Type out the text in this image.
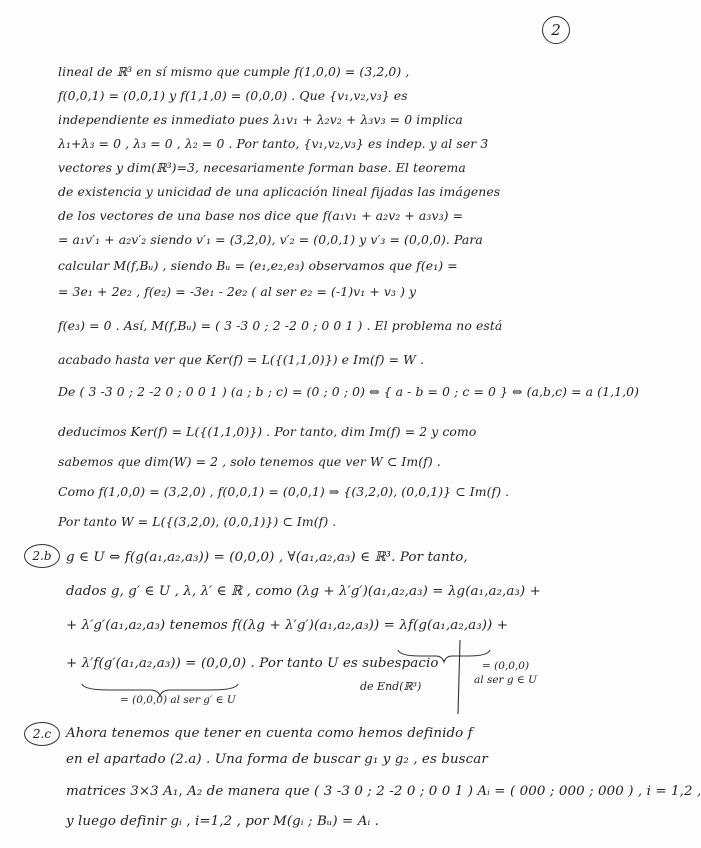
2
lineal de ℝ³ en sí mismo que cumple f(1,0,0) = (3,2,0) ,
f(0,0,1) = (0,0,1) y f(1,1,0) = (0,0,0) . Que {v₁,v₂,v₃} es
independiente es inmediato pues λ₁v₁ + λ₂v₂ + λ₃v₃ = 0 implica
λ₁+λ₃ = 0 , λ₃ = 0 , λ₂ = 0 . Por tanto, {v₁,v₂,v₃} es indep. y al ser 3
vectores y dim(ℝ³)=3, necesariamente forman base. El teorema
de existencia y unicidad de una aplicación lineal fijadas las imágenes
de los vectores de una base nos dice que f(a₁v₁ + a₂v₂ + a₃v₃) =
= a₁v′₁ + a₂v′₂ siendo v′₁ = (3,2,0), v′₂ = (0,0,1) y v′₃ = (0,0,0). Para
calcular M(f,Bᵤ) , siendo Bᵤ = (e₁,e₂,e₃) observamos que f(e₁) =
= 3e₁ + 2e₂ , f(e₂) = -3e₁ - 2e₂ ( al ser e₂ = (-1)v₁ + v₃ ) y
f(e₃) = 0 . Así, M(f,Bᵤ) = ( 3 -3 0 ; 2 -2 0 ; 0 0 1 ) . El problema no está
acabado hasta ver que Ker(f) = L({(1,1,0)}) e Im(f) = W .
De ( 3 -3 0 ; 2 -2 0 ; 0 0 1 ) (a ; b ; c) = (0 ; 0 ; 0) ⇔ { a - b = 0 ; c = 0 } ⇔ (a,b,c) = a (1,1,0)
deducimos Ker(f) = L({(1,1,0)}) . Por tanto, dim Im(f) = 2 y como
sabemos que dim(W) = 2 , solo tenemos que ver W ⊂ Im(f) .
Como f(1,0,0) = (3,2,0) , f(0,0,1) = (0,0,1) ⇒ {(3,2,0), (0,0,1)} ⊂ Im(f) .
Por tanto W = L({(3,2,0), (0,0,1)}) ⊂ Im(f) .
2.b	g ∈ U ⇔ f(g(a₁,a₂,a₃)) = (0,0,0) , ∀(a₁,a₂,a₃) ∈ ℝ³. Por tanto,
dados g, g′ ∈ U , λ, λ′ ∈ ℝ , como (λg + λ′g′)(a₁,a₂,a₃) = λg(a₁,a₂,a₃) +
+ λ′g′(a₁,a₂,a₃) tenemos f((λg + λ′g′)(a₁,a₂,a₃)) = λf(g(a₁,a₂,a₃)) +
+ λ′f(g′(a₁,a₂,a₃)) = (0,0,0) . Por tanto U es subespacio
de End(ℝ³)
= (0,0,0)
al ser g ∈ U
= (0,0,0) al ser g′ ∈ U
2.c	Ahora tenemos que tener en cuenta como hemos definido f
en el apartado (2.a) . Una forma de buscar g₁ y g₂ , es buscar
matrices 3×3 A₁, A₂ de manera que ( 3 -3 0 ; 2 -2 0 ; 0 0 1 ) Aᵢ = ( 000 ; 000 ; 000 ) , i = 1,2 ,
y luego definir gᵢ , i=1,2 , por M(gᵢ ; Bᵤ) = Aᵢ .
